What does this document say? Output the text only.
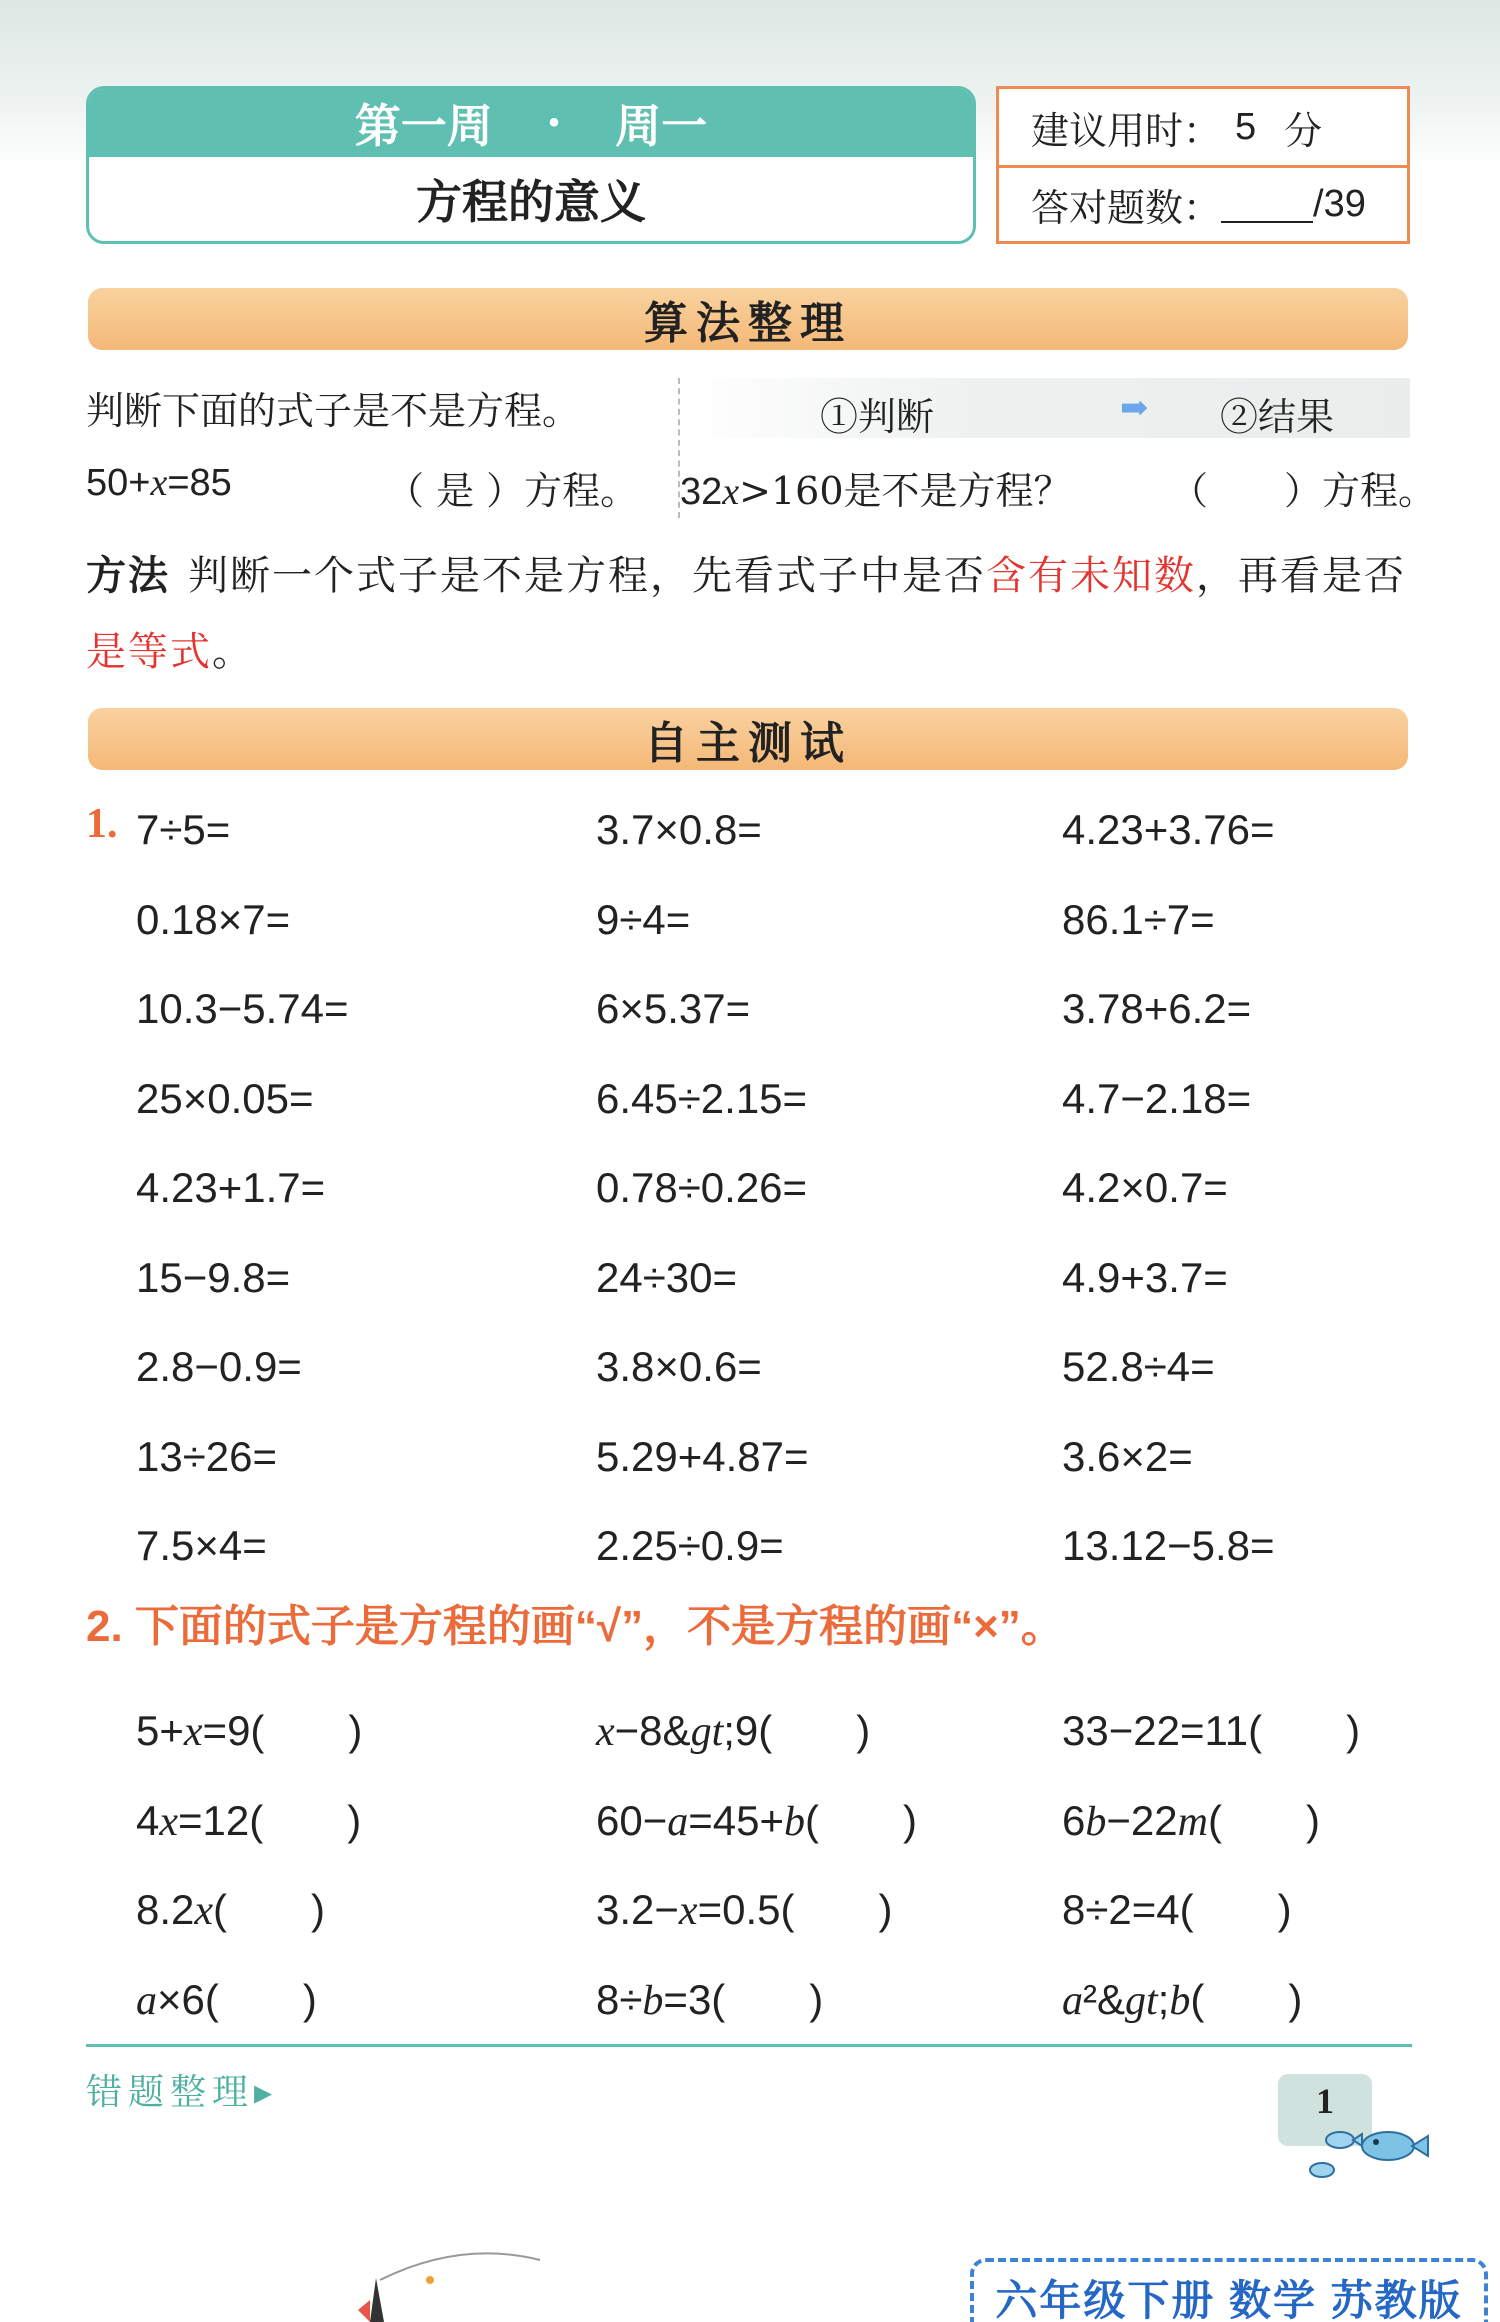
第一周 • 周一
方程的意义
建议用时： 5 分
答对题数： /39
算法整理
判断下面的式子是不是方程。
50+x=85	（ 是 ）方程。
①判断	➡ ②结果
32x>160是不是方程？	（　　）方程。
方法 判断一个式子是不是方程，先看式子中是否含有未知数，再看是否是等式。
自主测试
1. 7÷5=	3.7×0.8=	4.23+3.76=
0.18×7=	9÷4=	86.1÷7=
10.3−5.74=	6×5.37=	3.78+6.2=
25×0.05=	6.45÷2.15=	4.7−2.18=
4.23+1.7=	0.78÷0.26=	4.2×0.7=
15−9.8=	24÷30=	4.9+3.7=
2.8−0.9=	3.8×0.6=	52.8÷4=
13÷26=	5.29+4.87=	3.6×2=
7.5×4=	2.25÷0.9=	13.12−5.8=
2. 下面的式子是方程的画“√”，不是方程的画“×”。
5+x=9(　　)	x−8&gt;9(　　)	33−22=11(　　)
4x=12(　　)	60−a=45+b(　　)	6b−22m(　　)
8.2x(　　)	3.2−x=0.5(　　)	8÷2=4(　　)
a×6(　　)	8÷b=3(　　)	a²&gt;b(　　)
错题整理▸	1
六年级下册 数学 苏教版
